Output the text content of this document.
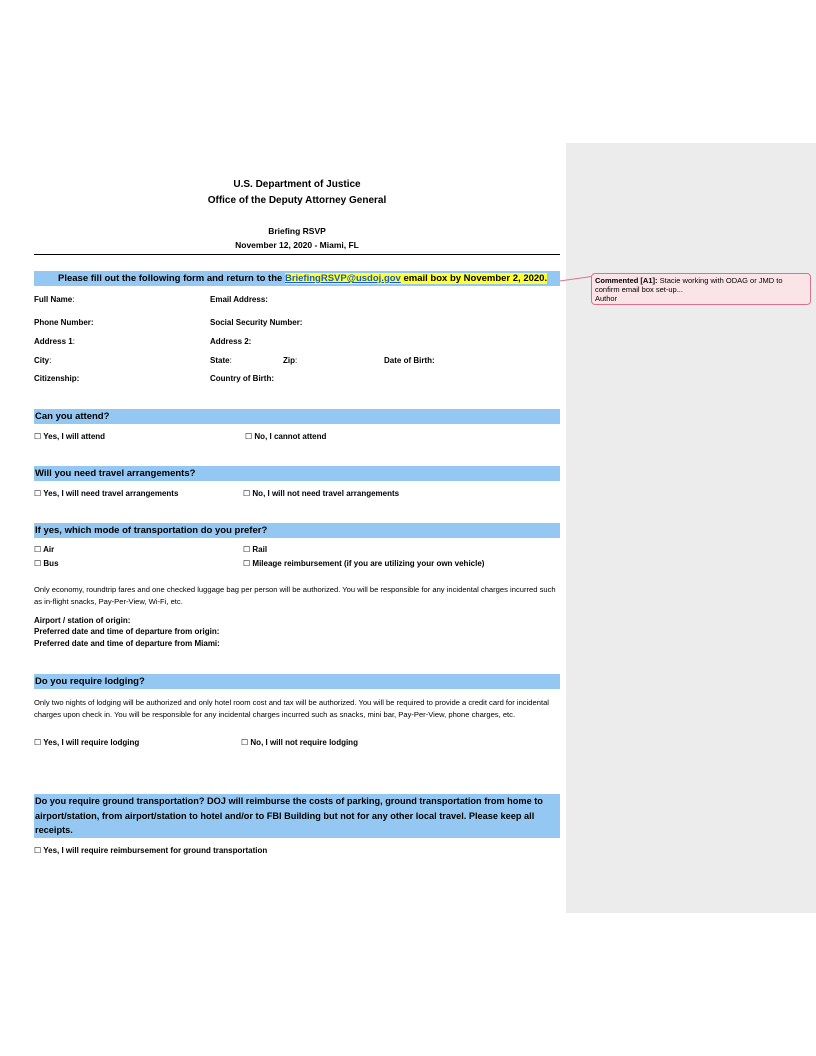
Commented [A1]: Stacie working with ODAG or JMD to confirm email box set-up...
Author
U.S. Department of Justice
Office of the Deputy Attorney General
Briefing RSVP
November 12, 2020 - Miami, FL
Please fill out the following form and return to the BriefingRSVP@usdoj.gov email box by November 2, 2020.
Full Name:	Email Address:
Phone Number:	Social Security Number:
Address 1:	Address 2:
City:	State:	Zip:	Date of Birth:
Citizenship:	Country of Birth:
Can you attend?
☐ Yes, I will attend	☐ No, I cannot attend
Will you need travel arrangements?
☐ Yes, I will need travel arrangements	☐ No, I will not need travel arrangements
If yes, which mode of transportation do you prefer?
☐ Air	☐ Rail
☐ Bus	☐ Mileage reimbursement (if you are utilizing your own vehicle)
Only economy, roundtrip fares and one checked luggage bag per person will be authorized. You will be responsible for any incidental charges incurred such as in-flight snacks, Pay-Per-View, Wi-Fi, etc.
Airport / station of origin:
Preferred date and time of departure from origin:
Preferred date and time of departure from Miami:
Do you require lodging?
Only two nights of lodging will be authorized and only hotel room cost and tax will be authorized. You will be required to provide a credit card for incidental charges upon check in. You will be responsible for any incidental charges incurred such as snacks, mini bar, Pay-Per-View, phone charges, etc.
☐ Yes, I will require lodging	☐ No, I will not require lodging
Do you require ground transportation? DOJ will reimburse the costs of parking, ground transportation from home to airport/station, from airport/station to hotel and/or to FBI Building but not for any other local travel. Please keep all receipts.
☐ Yes, I will require reimbursement for ground transportation
